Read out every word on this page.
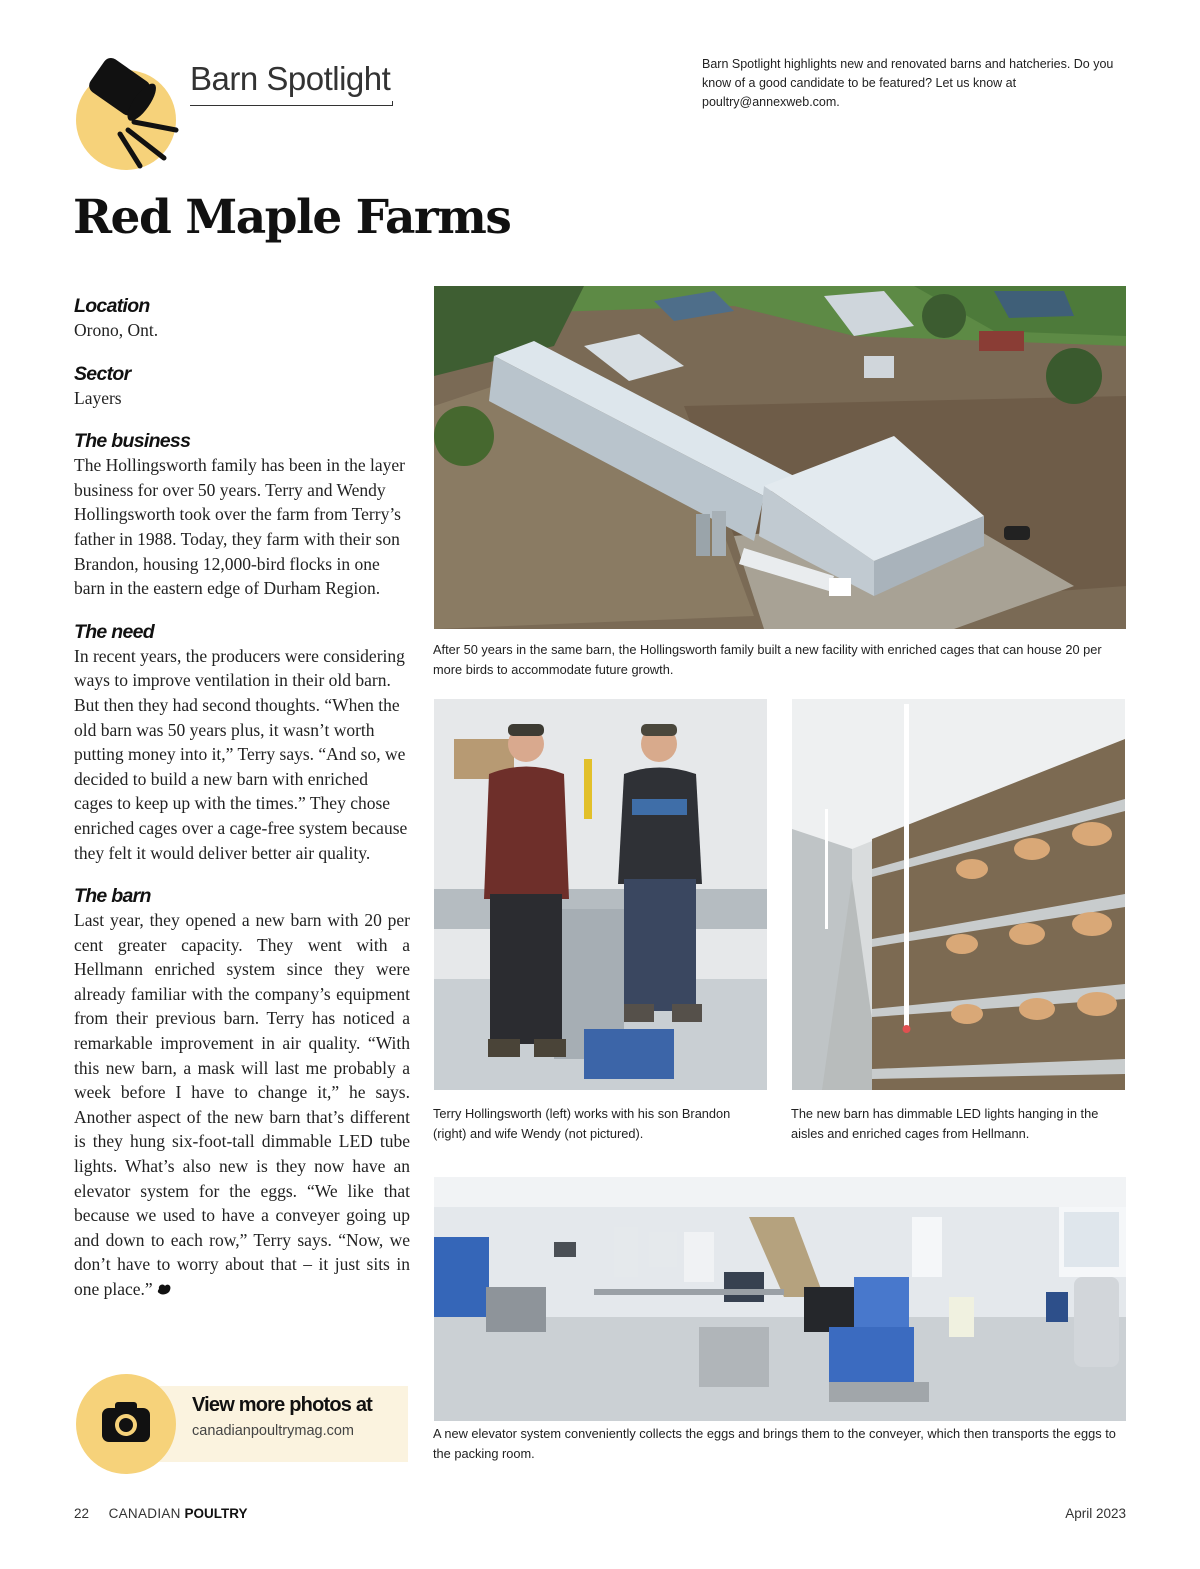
Barn Spotlight	Barn Spotlight highlights new and renovated barns and hatcheries. Do you know of a good candidate to be featured? Let us know at poultry@annexweb.com.
Red Maple Farms
Location
Orono, Ont.
Sector
Layers
The business
The Hollingsworth family has been in the layer business for over 50 years. Terry and Wendy Hollingsworth took over the farm from Terry’s father in 1988. Today, they farm with their son Brandon, housing 12,000-bird flocks in one barn in the eastern edge of Durham Region.
The need
In recent years, the producers were considering ways to improve ventilation in their old barn. But then they had second thoughts. “When the old barn was 50 years plus, it wasn’t worth putting money into it,” Terry says. “And so, we decided to build a new barn with enriched cages to keep up with the times.” They chose enriched cages over a cage-free system because they felt it would deliver better air quality.
The barn
Last year, they opened a new barn with 20 per cent greater capacity. They went with a Hellmann enriched system since they were already familiar with the company’s equipment from their previous barn. Terry has noticed a remarkable improvement in air quality. “With this new barn, a mask will last me probably a week before I have to change it,” he says. Another aspect of the new barn that’s different is they hung six-foot-tall dimmable LED tube lights. What’s also new is they now have an elevator system for the eggs. “We like that because we used to have a conveyer going up and down to each row,” Terry says. “Now, we don’t have to worry about that – it just sits in one place.”
View more photos at
canadianpoultrymag.com
After 50 years in the same barn, the Hollingsworth family built a new facility with enriched cages that can house 20 per more birds to accommodate future growth.
Terry Hollingsworth (left) works with his son Brandon (right) and wife Wendy (not pictured).
The new barn has dimmable LED lights hanging in the aisles and enriched cages from Hellmann.
A new elevator system conveniently collects the eggs and brings them to the conveyer, which then transports the eggs to the packing room.
22 CANADIAN POULTRY	April 2023
